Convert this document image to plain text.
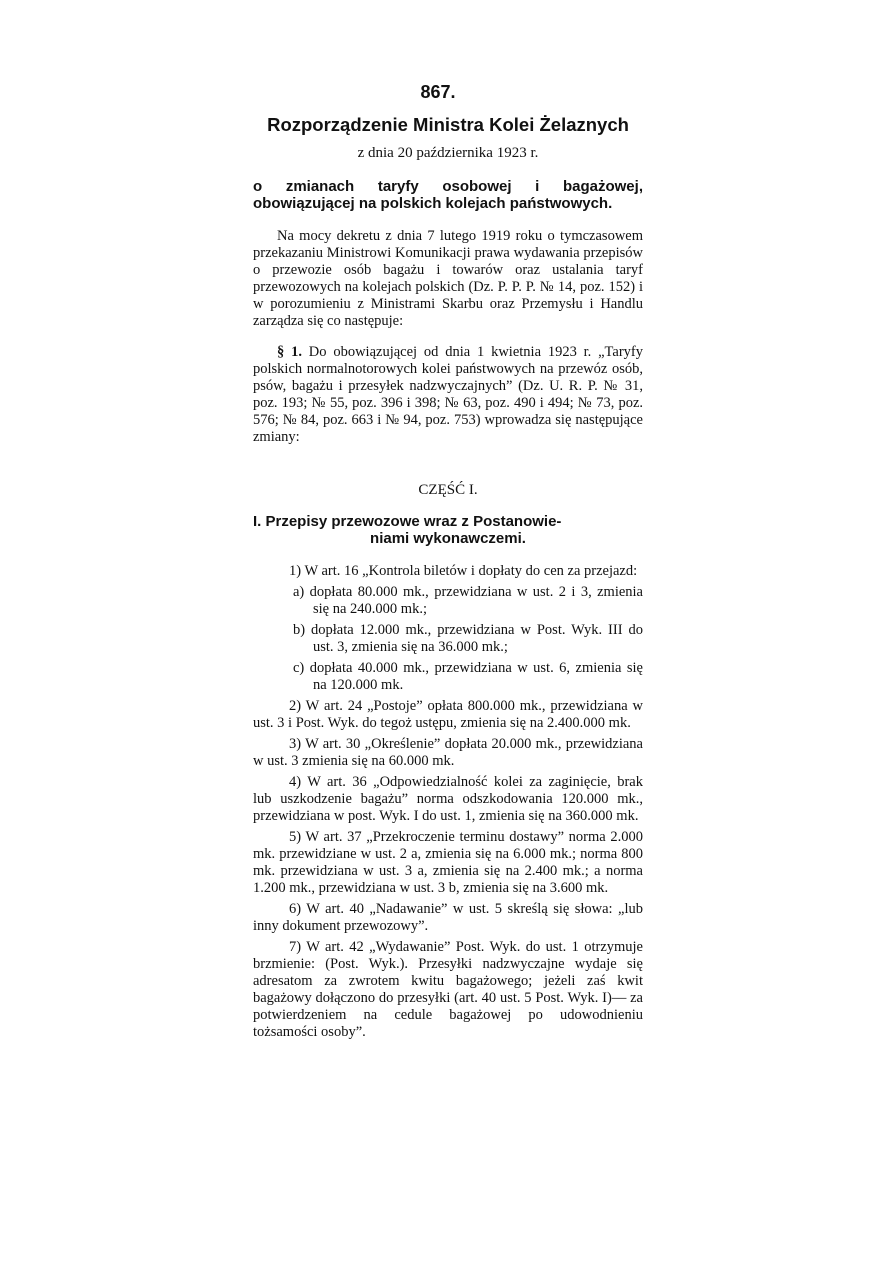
867.
Rozporządzenie Ministra Kolei Żelaznych
z dnia 20 października 1923 r.
o zmianach taryfy osobowej i bagażowej, obowiązującej na polskich kolejach państwowych.

Na mocy dekretu z dnia 7 lutego 1919 roku o tymczasowem przekazaniu Ministrowi Komunikacji prawa wydawania przepisów o przewozie osób bagażu i towarów oraz ustalania taryf przewozowych na kolejach polskich (Dz. P. P. P. № 14, poz. 152) i w porozumieniu z Ministrami Skarbu oraz Przemysłu i Handlu zarządza się co następuje:

§ 1. Do obowiązującej od dnia 1 kwietnia 1923 r. „Taryfy polskich normalnotorowych kolei państwowych na przewóz osób, psów, bagażu i przesyłek nadzwyczajnych” (Dz. U. R. P. № 31, poz. 193; № 55, poz. 396 i 398; № 63, poz. 490 i 494; № 73, poz. 576; № 84, poz. 663 i № 94, poz. 753) wprowadza się następujące zmiany:

CZĘŚĆ I.
I. Przepisy przewozowe wraz z Postanowie-
niami wykonawczemi.

1) W art. 16 „Kontrola biletów i dopłaty do cen za przejazd:

a) dopłata 80.000 mk., przewidziana w ust. 2 i 3, zmienia się na 240.000 mk.;

b) dopłata 12.000 mk., przewidziana w Post. Wyk. III do ust. 3, zmienia się na 36.000 mk.;

c) dopłata 40.000 mk., przewidziana w ust. 6, zmienia się na 120.000 mk.

2) W art. 24 „Postoje” opłata 800.000 mk., przewidziana w ust. 3 i Post. Wyk. do tegoż ustępu, zmienia się na 2.400.000 mk.

3) W art. 30 „Określenie” dopłata 20.000 mk., przewidziana w ust. 3 zmienia się na 60.000 mk.

4) W art. 36 „Odpowiedzialność kolei za zaginięcie, brak lub uszkodzenie bagażu” norma odszkodowania 120.000 mk., przewidziana w post. Wyk. I do ust. 1, zmienia się na 360.000 mk.

5) W art. 37 „Przekroczenie terminu dostawy” norma 2.000 mk. przewidziane w ust. 2 a, zmienia się na 6.000 mk.; norma 800 mk. przewidziana w ust. 3 a, zmienia się na 2.400 mk.; a norma 1.200 mk., przewidziana w ust. 3 b, zmienia się na 3.600 mk.

6) W art. 40 „Nadawanie” w ust. 5 skreślą się słowa: „lub inny dokument przewozowy”.

7) W art. 42 „Wydawanie” Post. Wyk. do ust. 1 otrzymuje brzmienie: (Post. Wyk.). Przesyłki nadzwyczajne wydaje się adresatom za zwrotem kwitu bagażowego; jeżeli zaś kwit bagażowy dołączono do przesyłki (art. 40 ust. 5 Post. Wyk. I)— za potwierdzeniem na cedule bagażowej po udowodnieniu tożsamości osoby”.
